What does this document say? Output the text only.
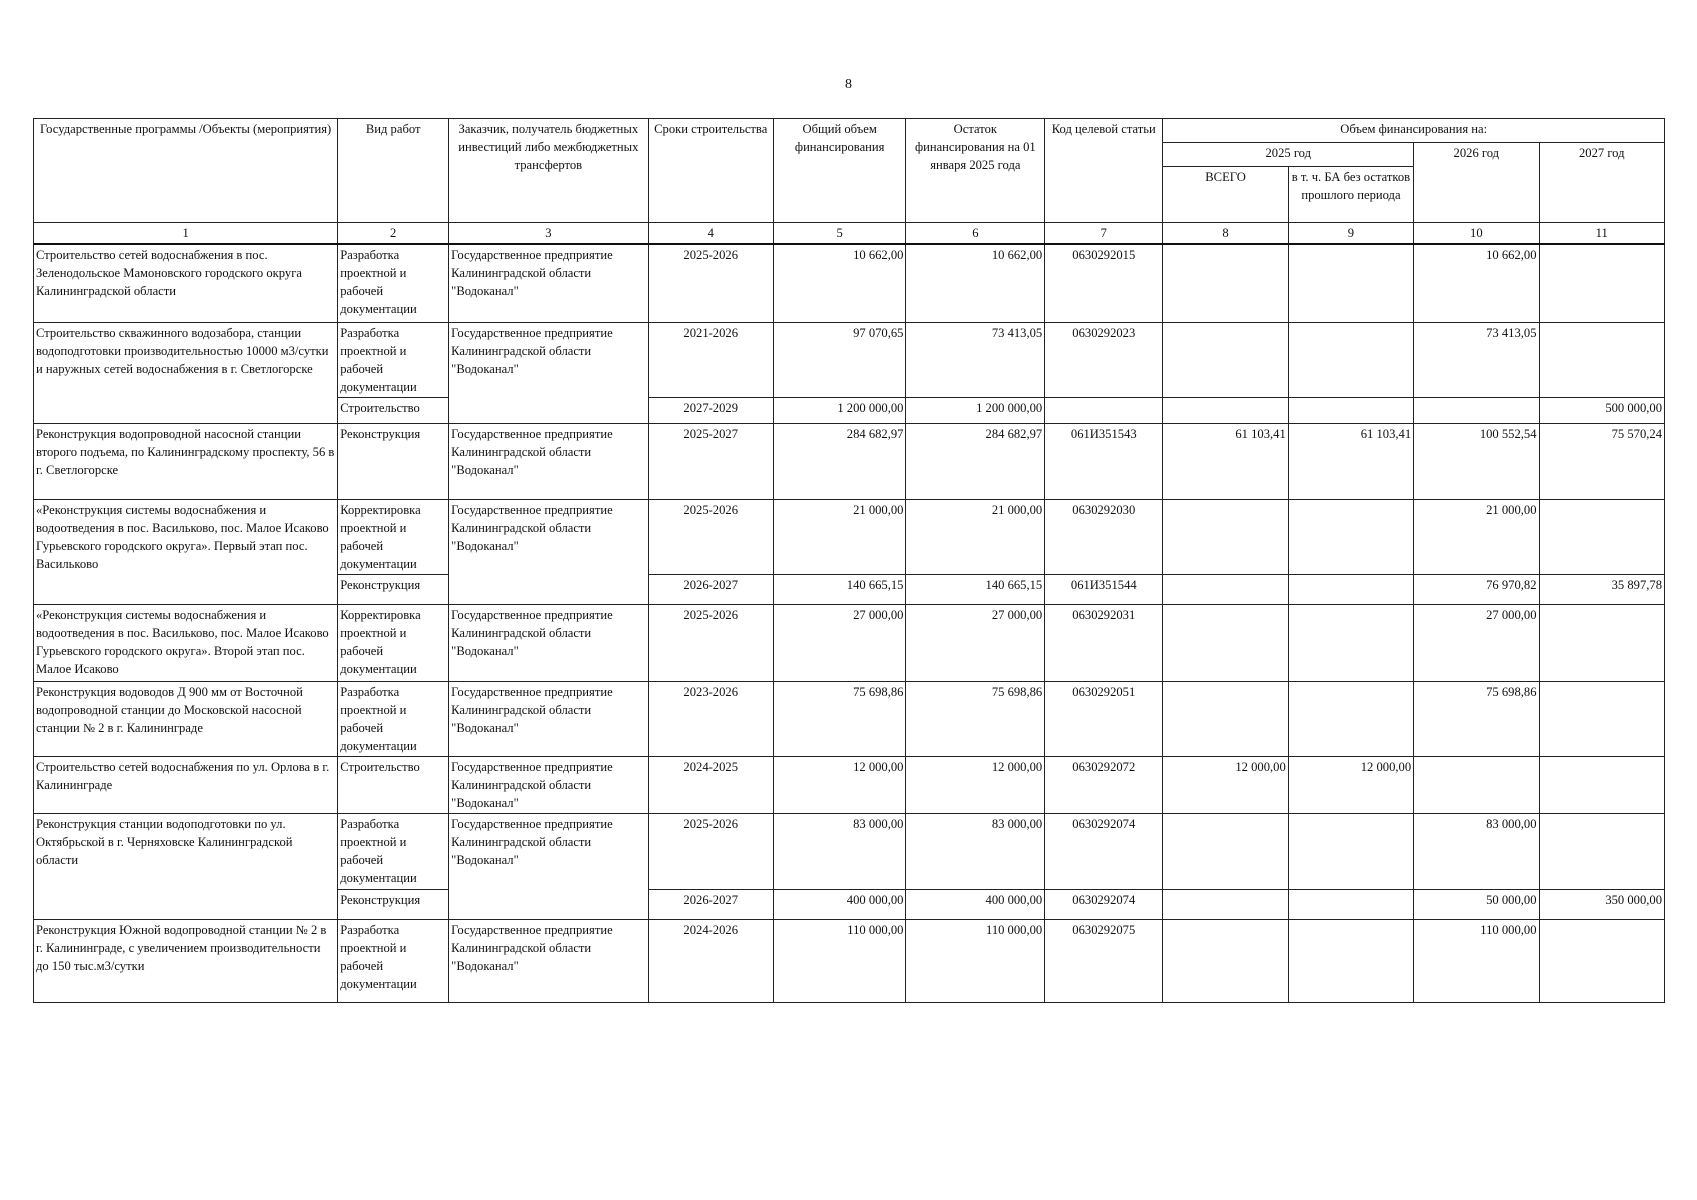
8
Государственные программы /Объекты (мероприятия)	Вид работ	Заказчик, получатель бюджетных инвестиций либо межбюджетных трансфертов	Сроки строительства	Общий объем финансирования	Остаток финансирования на 01 января 2025 года	Код целевой статьи	Объем финансирования на:			
							2025 год		2026 год	2027 год
							ВСЕГО	в т. ч. БА без остатков прошлого периода		
1	2	3	4	5	6	7	8	9	10	11
Строительство сетей водоснабжения в пос. Зеленодольское Мамоновского городского округа Калининградской области	Разработка проектной и рабочей документации	Государственное предприятие Калининградской области "Водоканал"	2025-2026	10 662,00	10 662,00	0630292015			10 662,00	
Строительство скважинного водозабора, станции водоподготовки производительностью 10000 м3/сутки и наружных сетей водоснабжения в г. Светлогорске	Разработка проектной и рабочей документации	Государственное предприятие Калининградской области "Водоканал"	2021-2026	97 070,65	73 413,05	0630292023			73 413,05	
	Строительство		2027-2029	1 200 000,00	1 200 000,00					500 000,00
Реконструкция водопроводной насосной станции второго подъема, по Калининградскому проспекту, 56 в г. Светлогорске	Реконструкция	Государственное предприятие Калининградской области "Водоканал"	2025-2027	284 682,97	284 682,97	061И351543	61 103,41	61 103,41	100 552,54	75 570,24
«Реконструкция системы водоснабжения и водоотведения в пос. Васильково, пос. Малое Исаково Гурьевского городского округа». Первый этап пос. Васильково	Корректировка проектной и рабочей документации	Государственное предприятие Калининградской области "Водоканал"	2025-2026	21 000,00	21 000,00	0630292030			21 000,00	
	Реконструкция		2026-2027	140 665,15	140 665,15	061И351544			76 970,82	35 897,78
«Реконструкция системы водоснабжения и водоотведения в пос. Васильково, пос. Малое Исаково Гурьевского городского округа». Второй этап пос. Малое Исаково	Корректировка проектной и рабочей документации	Государственное предприятие Калининградской области "Водоканал"	2025-2026	27 000,00	27 000,00	0630292031			27 000,00	
Реконструкция водоводов Д 900 мм от Восточной водопроводной станции до Московской насосной станции № 2 в г. Калининграде	Разработка проектной и рабочей документации	Государственное предприятие Калининградской области "Водоканал"	2023-2026	75 698,86	75 698,86	0630292051			75 698,86	
Строительство сетей водоснабжения по ул. Орлова в г. Калининграде	Строительство	Государственное предприятие Калининградской области "Водоканал"	2024-2025	12 000,00	12 000,00	0630292072	12 000,00	12 000,00		
Реконструкция станции водоподготовки по ул. Октябрьской в г. Черняховске Калининградской области	Разработка проектной и рабочей документации	Государственное предприятие Калининградской области "Водоканал"	2025-2026	83 000,00	83 000,00	0630292074			83 000,00	
	Реконструкция		2026-2027	400 000,00	400 000,00	0630292074			50 000,00	350 000,00
Реконструкция Южной водопроводной станции № 2 в г. Калининграде, с увеличением производительности до 150 тыс.м3/сутки	Разработка проектной и рабочей документации	Государственное предприятие Калининградской области "Водоканал"	2024-2026	110 000,00	110 000,00	0630292075			110 000,00	
